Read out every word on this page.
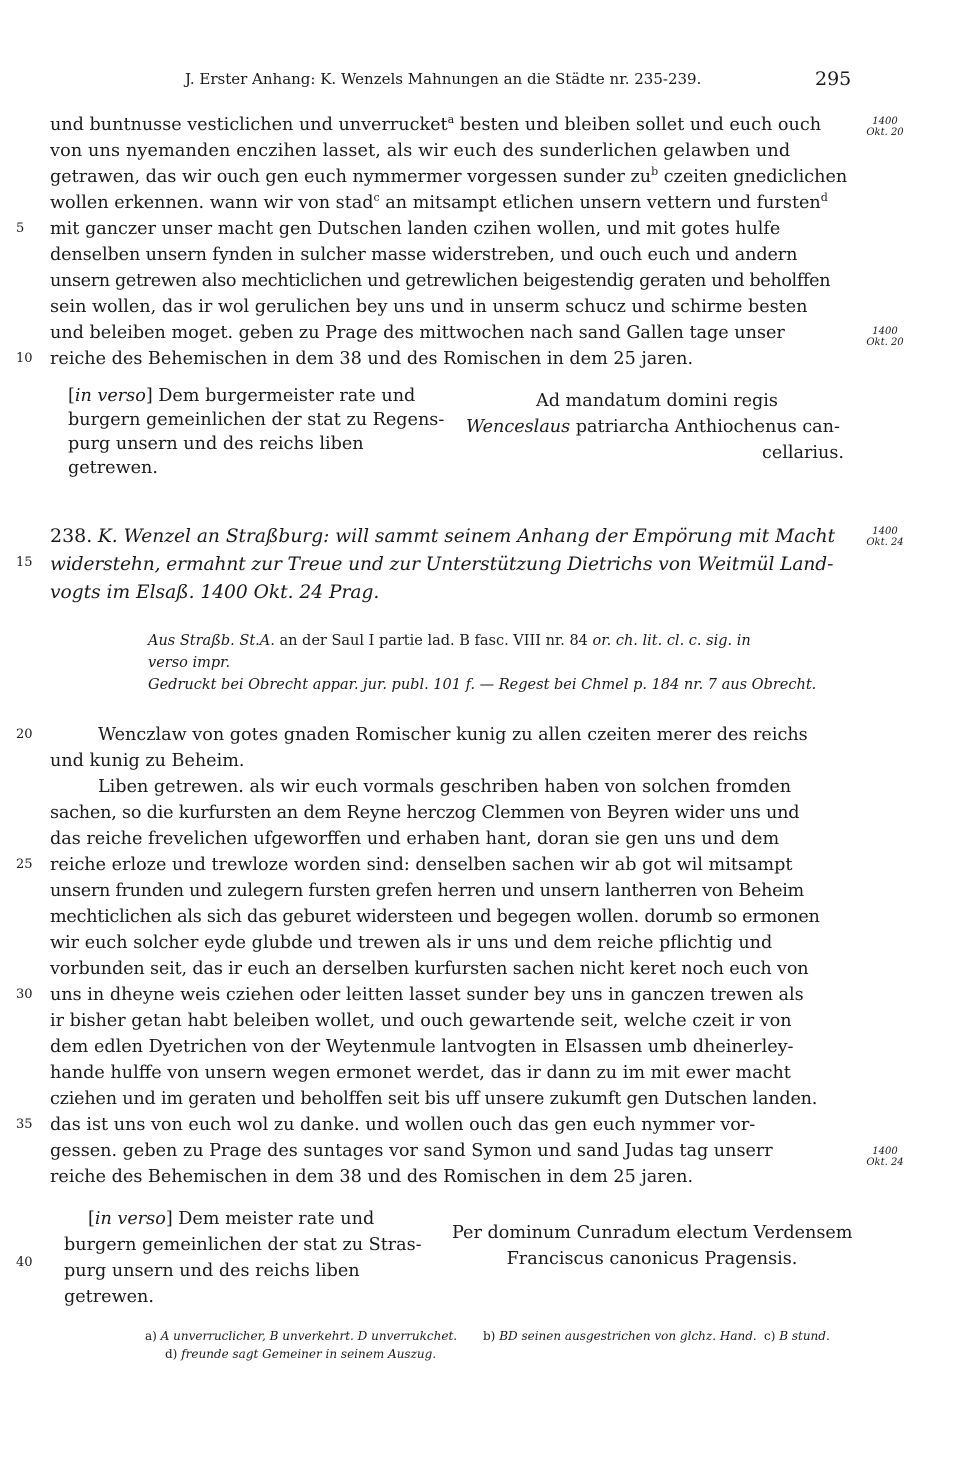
J. Erster Anhang: K. Wenzels Mahnungen an die Städte nr. 235-239.	295
und buntnusse vesticlichen und unverrucket$^a$ besten und bleiben sollet und euch ouch
von uns nyemanden enczihen lasset, als wir euch des sunderlichen gelawben und
getrawen, das wir ouch gen euch nymmermer vorgessen sunder $zu^b$ czeiten gnediclichen
wollen erkennen. wann wir von stad$^c$ an mitsampt etlichen unsern vettern und fursten$^d$
mit ganczer unser macht gen Dutschen landen czihen wollen, und mit gotes hulfe
denselben unsern fynden in sulcher masse widerstreben, und ouch euch und andern
unsern getrewen also mechticlichen und getrewlichen beigestendig geraten und beholffen
sein wollen, das ir wol gerulichen bey uns und in unserm schucz und schirme besten
und beleiben moget. geben zu Prage des mittwochen nach sand Gallen tage unser
reiche des Behemischen in dem 38 und des Romischen in dem 25 jaren.
1400
Okt. 20
1400
Okt. 20
1400
Okt. 24
1400
Okt. 24
5
10
15
20
25
30
35
40
[in verso] Dem burgermeister rate und
burgern gemeinlichen der stat zu Regens-
purg unsern und des reichs liben getrewen.
Ad mandatum domini regis
Wenceslaus patriarcha Anthiochenus can-
cellarius.
238. K. Wenzel an Straßburg: will sammt seinem Anhang der Empörung mit Macht
widerstehn, ermahnt zur Treue und zur Unterstützung Dietrichs von Weitmül Land-
vogts im Elsaß. 1400 Okt. 24 Prag.
Aus Straßb. St.A. an der Saul I partie lad. B fasc. VIII nr. 84 or. ch. lit. cl. c. sig. in
verso impr.
Gedruckt bei Obrecht appar. jur. publ. 101 f. — Regest bei Chmel p. 184 nr. 7 aus Obrecht.
Wenczlaw von gotes gnaden Romischer kunig zu allen czeiten merer des reichs
und kunig zu Beheim.
Liben getrewen. als wir euch vormals geschriben haben von solchen fromden
sachen, so die kurfursten an dem Reyne herczog Clemmen von Beyren wider uns und
das reiche frevelichen ufgeworffen und erhaben hant, doran sie gen uns und dem
reiche erloze und trewloze worden sind: denselben sachen wir ab got wil mitsampt
unsern frunden und zulegern fursten grefen herren und unsern lantherren von Beheim
mechticlichen als sich das geburet widersteen und begegen wollen. dorumb so ermonen
wir euch solcher eyde glubde und trewen als ir uns und dem reiche pflichtig und
vorbunden seit, das ir euch an derselben kurfursten sachen nicht keret noch euch von
uns in dheyne weis cziehen oder leitten lasset sunder bey uns in ganczen trewen als
ir bisher getan habt beleiben wollet, und ouch gewartende seit, welche czeit ir von
dem edlen Dyetrichen von der Weytenmule lantvogten in Elsassen umb dheinerley-
hande hulffe von unsern wegen ermonet werdet, das ir dann zu im mit ewer macht
cziehen und im geraten und beholffen seit bis uff unsere zukumft gen Dutschen landen.
das ist uns von euch wol zu danke. und wollen ouch das gen euch nymmer vor-
gessen. geben zu Prage des suntages vor sand Symon und sand Judas tag unserr
reiche des Behemischen in dem 38 und des Romischen in dem 25 jaren.
[in verso] Dem meister rate und
burgern gemeinlichen der stat zu Stras-
purg unsern und des reichs liben getrewen.
Per dominum Cunradum electum Verdensem
Franciscus canonicus Pragensis.
a) A unverruclicher, B unverkehrt. D unverrukchet. b) BD seinen ausgestrichen von glchz. Hand. c) B stund.
d) freunde sagt Gemeiner in seinem Auszug.
